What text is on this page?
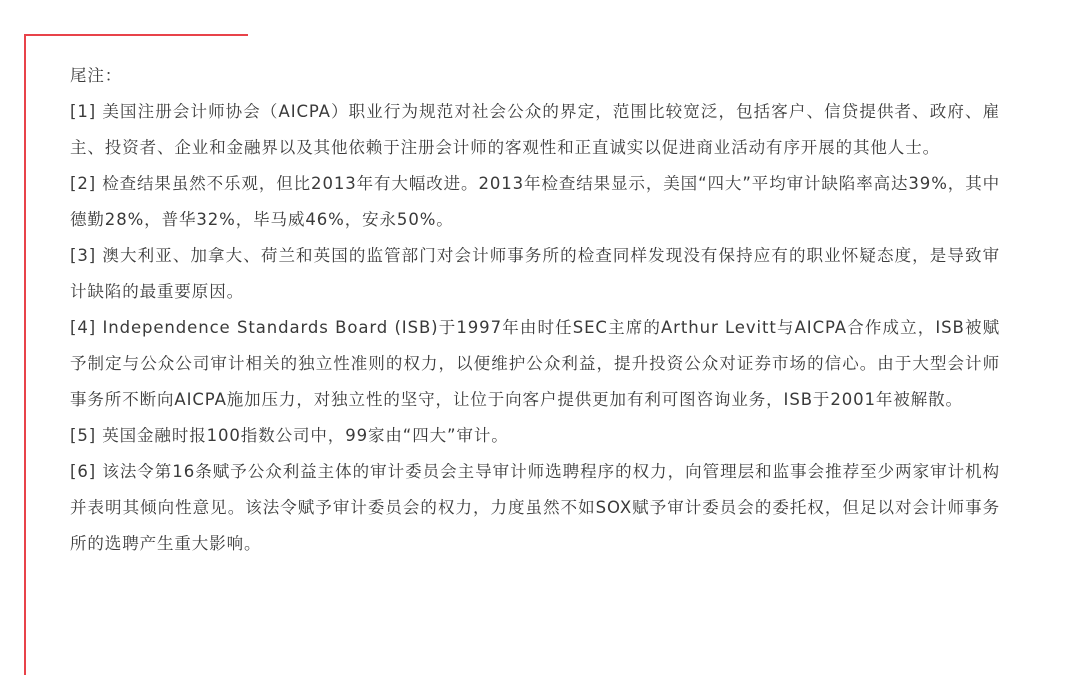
尾注：

[1] 美国注册会计师协会（AICPA）职业行为规范对社会公众的界定，范围比较宽泛，包括客户、信贷提供者、政府、雇主、投资者、企业和金融界以及其他依赖于注册会计师的客观性和正直诚实以促进商业活动有序开展的其他人士。

[2] 检查结果虽然不乐观，但比2013年有大幅改进。2013年检查结果显示，美国“四大”平均审计缺陷率高达39%，其中德勤28%，普华32%，毕马威46%，安永50%。

[3] 澳大利亚、加拿大、荷兰和英国的监管部门对会计师事务所的检查同样发现没有保持应有的职业怀疑态度，是导致审计缺陷的最重要原因。

[4] Independence Standards Board (ISB)于1997年由时任SEC主席的Arthur Levitt与AICPA合作成立，ISB被赋予制定与公众公司审计相关的独立性准则的权力，以便维护公众利益，提升投资公众对证券市场的信心。由于大型会计师事务所不断向AICPA施加压力，对独立性的坚守，让位于向客户提供更加有利可图咨询业务，ISB于2001年被解散。

[5] 英国金融时报100指数公司中，99家由“四大”审计。

[6] 该法令第16条赋予公众利益主体的审计委员会主导审计师选聘程序的权力，向管理层和监事会推荐至少两家审计机构并表明其倾向性意见。该法令赋予审计委员会的权力，力度虽然不如SOX赋予审计委员会的委托权，但足以对会计师事务所的选聘产生重大影响。
